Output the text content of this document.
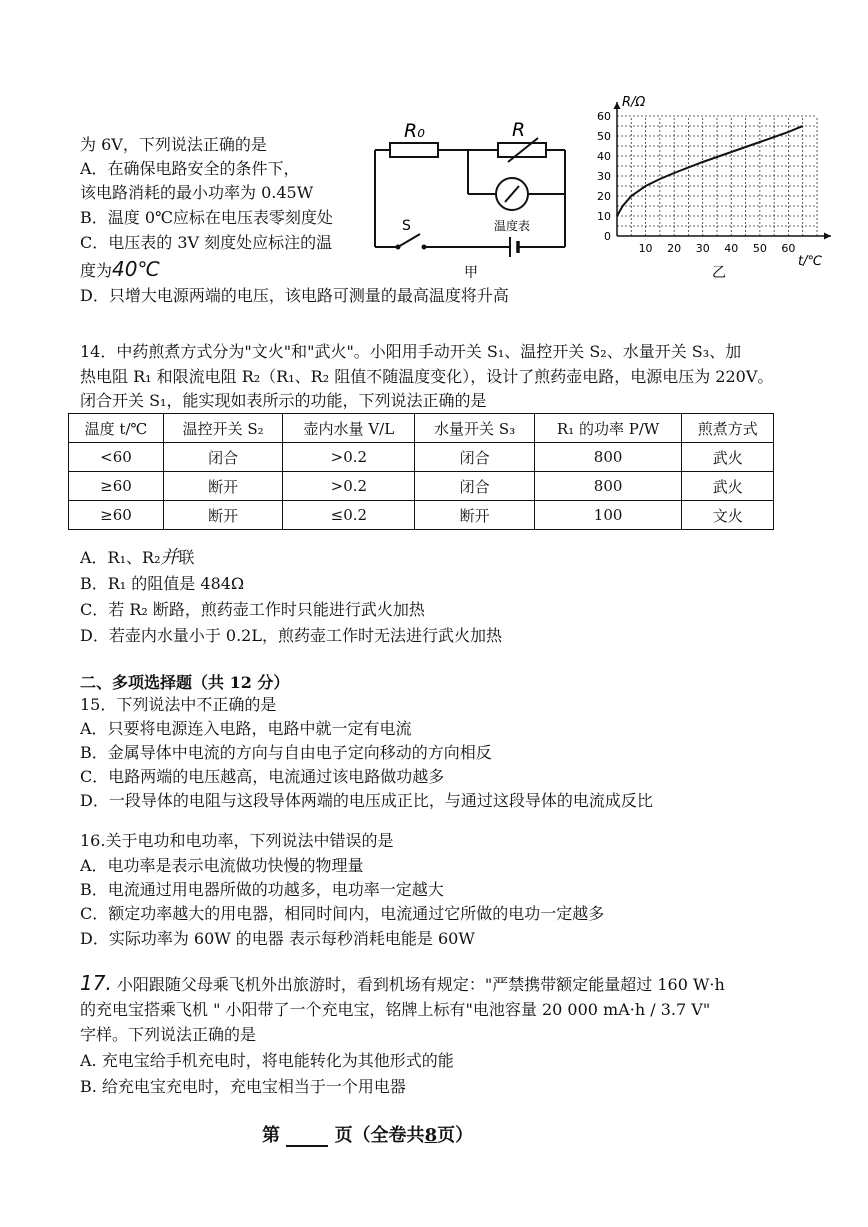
为 6V，下列说法正确的是
A．在确保电路安全的条件下，
该电路消耗的最小功率为 0.45W
B．温度 0℃应标在电压表零刻度处
C．电压表的 3V 刻度处应标注的温
度为40℃
D．只增大电源两端的电压，该电路可测量的最高温度将升高
R₀	R
温度表
S
甲
10 20 30 40 50 60
0
10
20
30
40
50
60
R/Ω
t/℃
乙
14．中药煎煮方式分为"文火"和"武火"。小阳用手动开关 S₁、温控开关 S₂、水量开关 S₃、加
热电阻 R₁ 和限流电阻 R₂（R₁、R₂ 阻值不随温度变化），设计了煎药壶电路，电源电压为 220V。
闭合开关 S₁，能实现如表所示的功能，下列说法正确的是
温度 t/℃	温控开关 S₂	壶内水量 V/L	水量开关 S₃	R₁ 的功率 P/W	煎煮方式
<60	闭合	>0.2	闭合	800	武火
≥60	断开	>0.2	闭合	800	武火
≥60	断开	≤0.2	断开	100	文火
A．R₁、R₂并联
B．R₁ 的阻值是 484Ω
C．若 R₂ 断路，煎药壶工作时只能进行武火加热
D．若壶内水量小于 0.2L，煎药壶工作时无法进行武火加热
二、多项选择题（共 12 分）
15．下列说法中不正确的是
A．只要将电源连入电路，电路中就一定有电流
B．金属导体中电流的方向与自由电子定向移动的方向相反
C．电路两端的电压越高，电流通过该电路做功越多
D．一段导体的电阻与这段导体两端的电压成正比，与通过这段导体的电流成反比
16.关于电功和电功率，下列说法中错误的是
A．电功率是表示电流做功快慢的物理量
B．电流通过用电器所做的功越多，电功率一定越大
C．额定功率越大的用电器，相同时间内，电流通过它所做的电功一定越多
D．实际功率为 60W 的电器 表示每秒消耗电能是 60W
17. 小阳跟随父母乘飞机外出旅游时，看到机场有规定："严禁携带额定能量超过 160 W·h
的充电宝搭乘飞机 " 小阳带了一个充电宝，铭牌上标有"电池容量 20 000 mA·h / 3.7 V"
字样。下列说法正确的是
A. 充电宝给手机充电时，将电能转化为其他形式的能
B. 给充电宝充电时，充电宝相当于一个用电器
第	页（全卷共8页）
